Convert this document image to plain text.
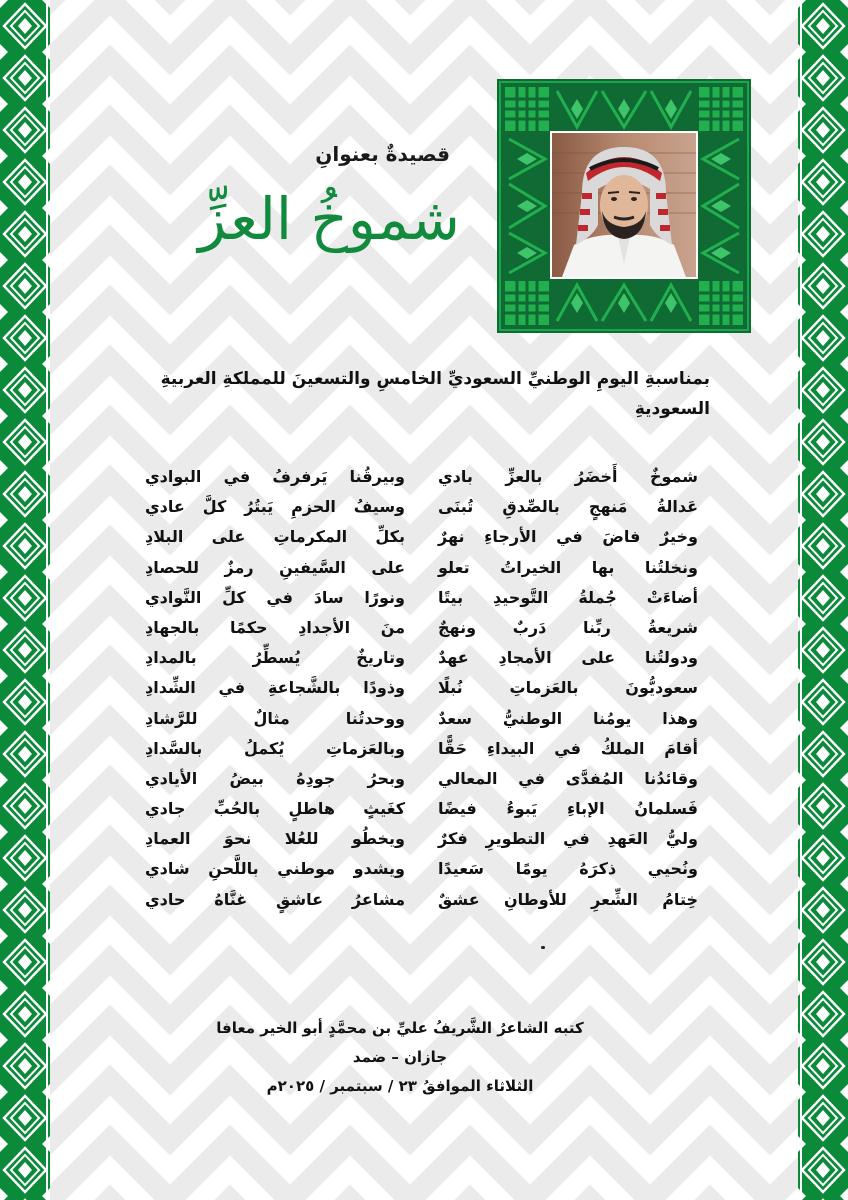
قصيدةٌ بعنوانِ
شموخُ العزِّ
بمناسبةِ اليومِ الوطنيِّ السعوديِّ الخامسِ والتسعينَ للمملكةِ العربيةِ السعوديةِ
شموخٌ أَخضَرُ بالعزِّ بادي
عَدالةُ مَنهجٍ بالصِّدقِ تُبنَى
وخيرٌ فاضَ في الأرجاءِ نهرٌ
ونخلتُنا بها الخيراتُ تعلو
أضاءَتْ جُملةُ التَّوحيدِ بيتًا
شريعةُ ربِّنا دَربٌ ونهجٌ
ودولتُنا على الأمجادِ عهدٌ
سعوديُّونَ بالعَزماتِ نُبلًا
وهذا يومُنا الوطنيُّ سعدٌ
أقامَ الملكُ في البيداءِ حَقًّا
وقائدُنا المُفدَّى في المعالي
فَسلمانُ الإباءِ يَبوءُ فيضًا
وليُّ العَهدِ في التطويرِ فكرٌ
ونُحيي ذكرَهُ يومًا سَعيدًا
خِتامُ الشِّعرِ للأوطانِ عشقٌ
وبيرقُنا يَرفرفُ في البوادي
وسيفُ الحزمِ يَبتُرُ كلَّ عادي
بكلِّ المكرماتِ على البلادِ
على السَّيفينِ رمزٌ للحصادِ
ونورًا سادَ في كلِّ النَّوادي
منَ الأجدادِ حكمًا بالجهادِ
وتاريخٌ يُسطِّرُ بالمدادِ
وذودًا بالشَّجاعةِ في الشِّدادِ
ووحدتُنا مثالٌ للرَّشادِ
وبالعَزماتِ يُكملُ بالسَّدادِ
وبحرُ جودِهُ بيضُ الأيادي
كغَيثٍ هاطلٍ بالحُبِّ جادي
ويخطُو للعُلا نحوَ العمادِ
ويشدو موطني باللَّحنِ شادي
مشاعرُ عاشقٍ غنَّاهُ حادي
كتبه الشاعرُ الشَّريفُ عليِّ بن محمَّدٍ أبو الخير معافا
جازان – ضمد
الثلاثاء الموافقُ ٢٣ / سبتمبر / ٢٠٢٥م
